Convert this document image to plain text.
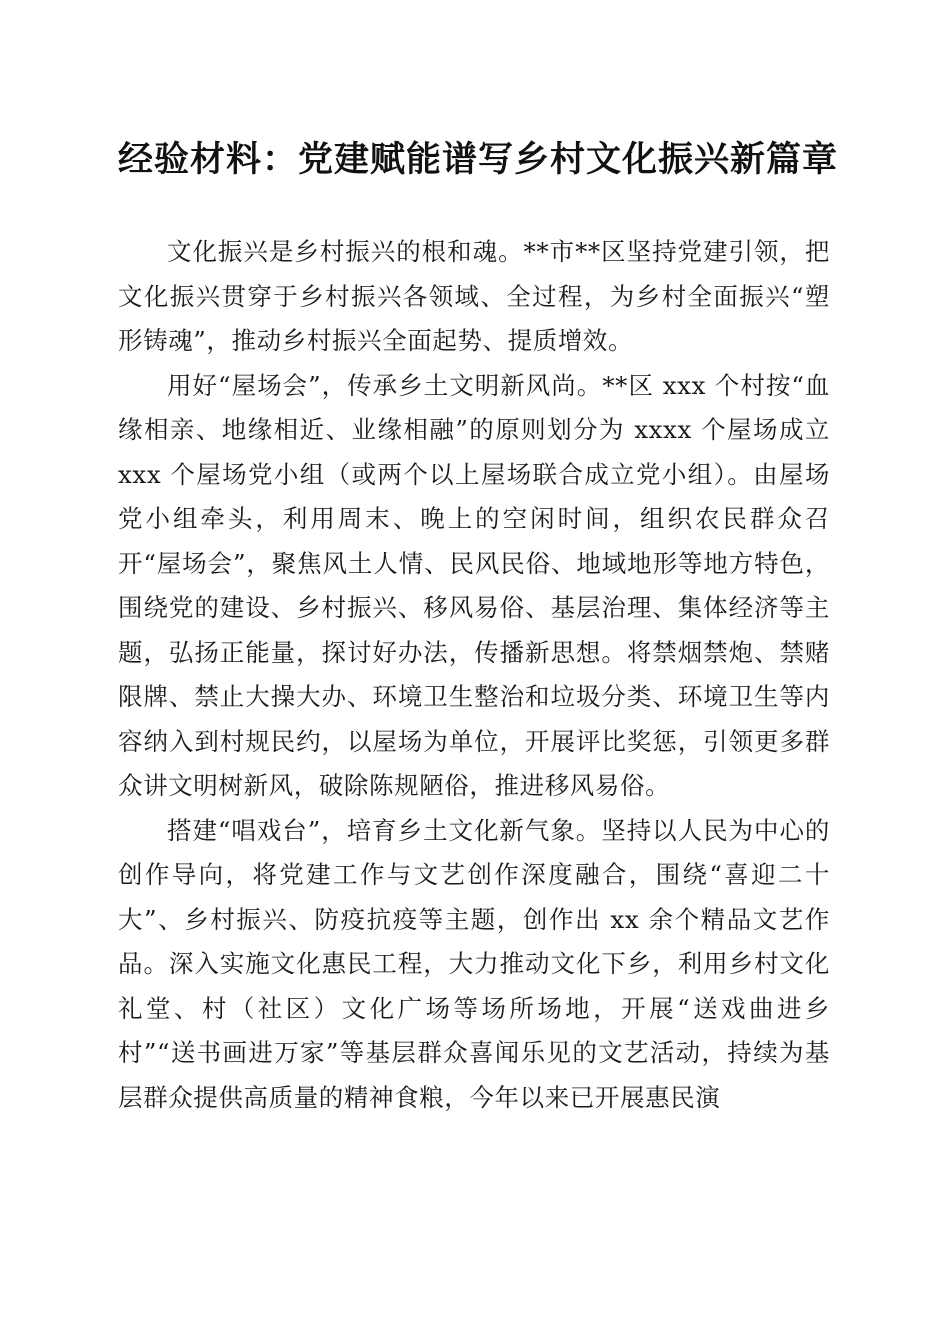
经验材料：党建赋能谱写乡村文化振兴新篇章

文化振兴是乡村振兴的根和魂。**市**区坚持党建引领，把文化振兴贯穿于乡村振兴各领域、全过程，为乡村全面振兴“塑形铸魂”，推动乡村振兴全面起势、提质增效。

用好“屋场会”，传承乡土文明新风尚。**区 xxx 个村按“血缘相亲、地缘相近、业缘相融”的原则划分为 xxxx 个屋场成立 xxx 个屋场党小组（或两个以上屋场联合成立党小组）。由屋场党小组牵头，利用周末、晚上的空闲时间，组织农民群众召开“屋场会”，聚焦风土人情、民风民俗、地域地形等地方特色，围绕党的建设、乡村振兴、移风易俗、基层治理、集体经济等主题，弘扬正能量，探讨好办法，传播新思想。将禁烟禁炮、禁赌限牌、禁止大操大办、环境卫生整治和垃圾分类、环境卫生等内容纳入到村规民约，以屋场为单位，开展评比奖惩，引领更多群众讲文明树新风，破除陈规陋俗，推进移风易俗。

搭建“唱戏台”，培育乡土文化新气象。坚持以人民为中心的创作导向，将党建工作与文艺创作深度融合，围绕“喜迎二十大”、乡村振兴、防疫抗疫等主题，创作出 xx 余个精品文艺作品。深入实施文化惠民工程，大力推动文化下乡，利用乡村文化礼堂、村（社区）文化广场等场所场地，开展“送戏曲进乡村”“送书画进万家”等基层群众喜闻乐见的文艺活动，持续为基层群众提供高质量的精神食粮，今年以来已开展惠民演
